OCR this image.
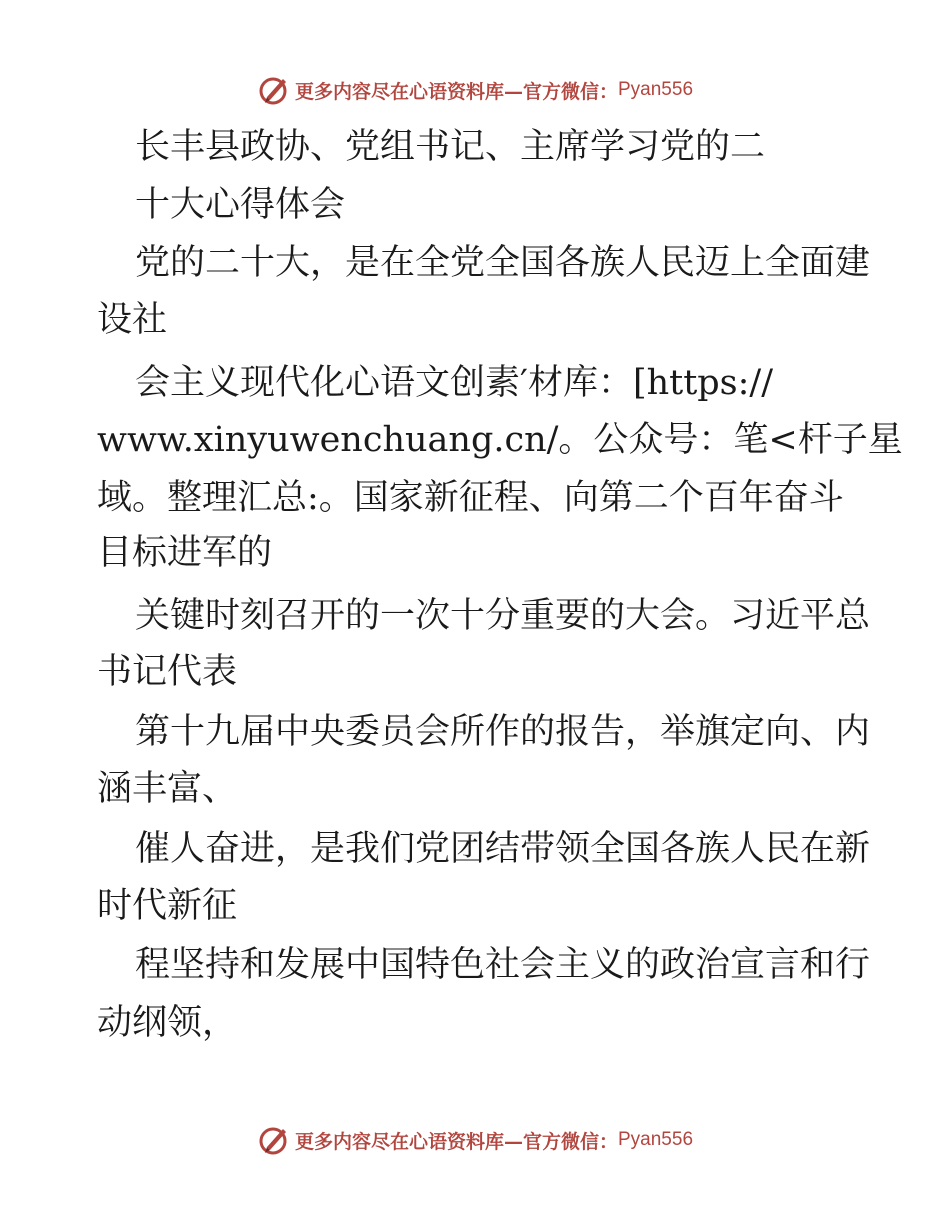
更多内容尽在心语资料库—官方微信： Pyan556
长丰县政协、党组书记、主席学习党的二
十大心得体会
党的二十大，是在全党全国各族人民迈上全面建
设社
会主义现代化心语文创素′材库：[https://
www.xinyuwenchuang.cn/。公众号：笔<杆子星
域。整理汇总:。国家新征程、向第二个百年奋斗
目标进军的
关键时刻召开的一次十分重要的大会。习近平总
书记代表
第十九届中央委员会所作的报告，举旗定向、内
涵丰富、
催人奋进，是我们党团结带领全国各族人民在新
时代新征
程坚持和发展中国特色社会主义的政治宣言和行
动纲领，
更多内容尽在心语资料库—官方微信： Pyan556
